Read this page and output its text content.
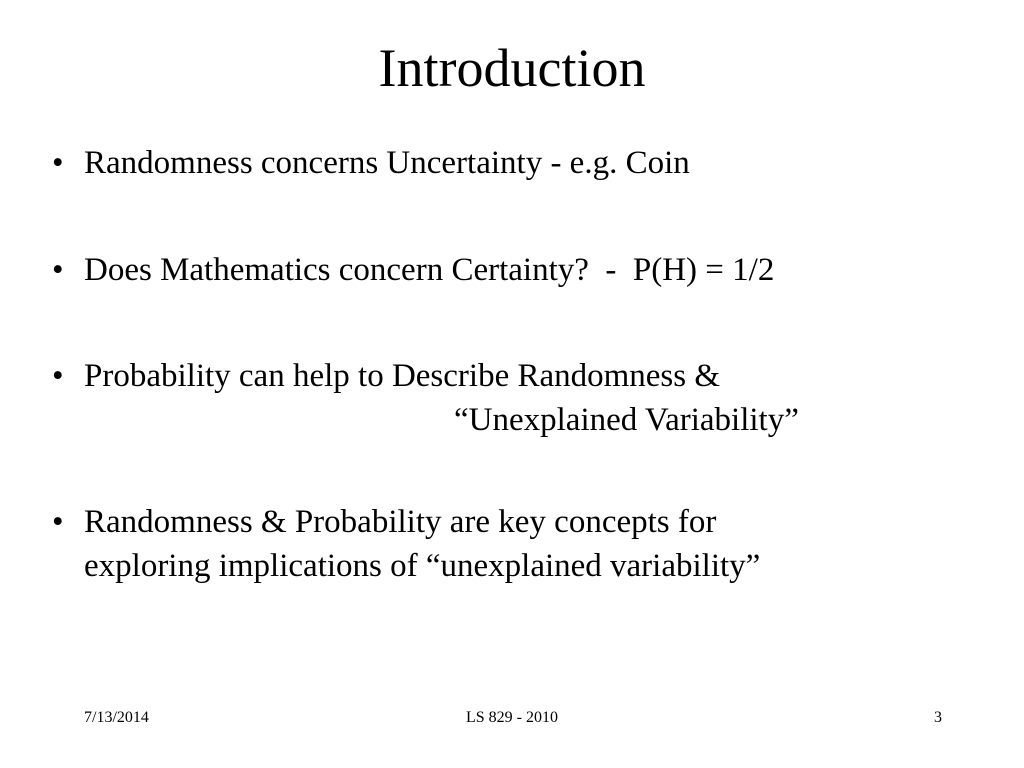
Introduction
• Randomness concerns Uncertainty - e.g. Coin
• Does Mathematics concern Certainty?  -  P(H) = 1/2
• Probability can help to Describe Randomness &
“Unexplained Variability”
• Randomness & Probability are key concepts for
exploring implications of “unexplained variability”
7/13/2014	LS 829 - 2010	3
